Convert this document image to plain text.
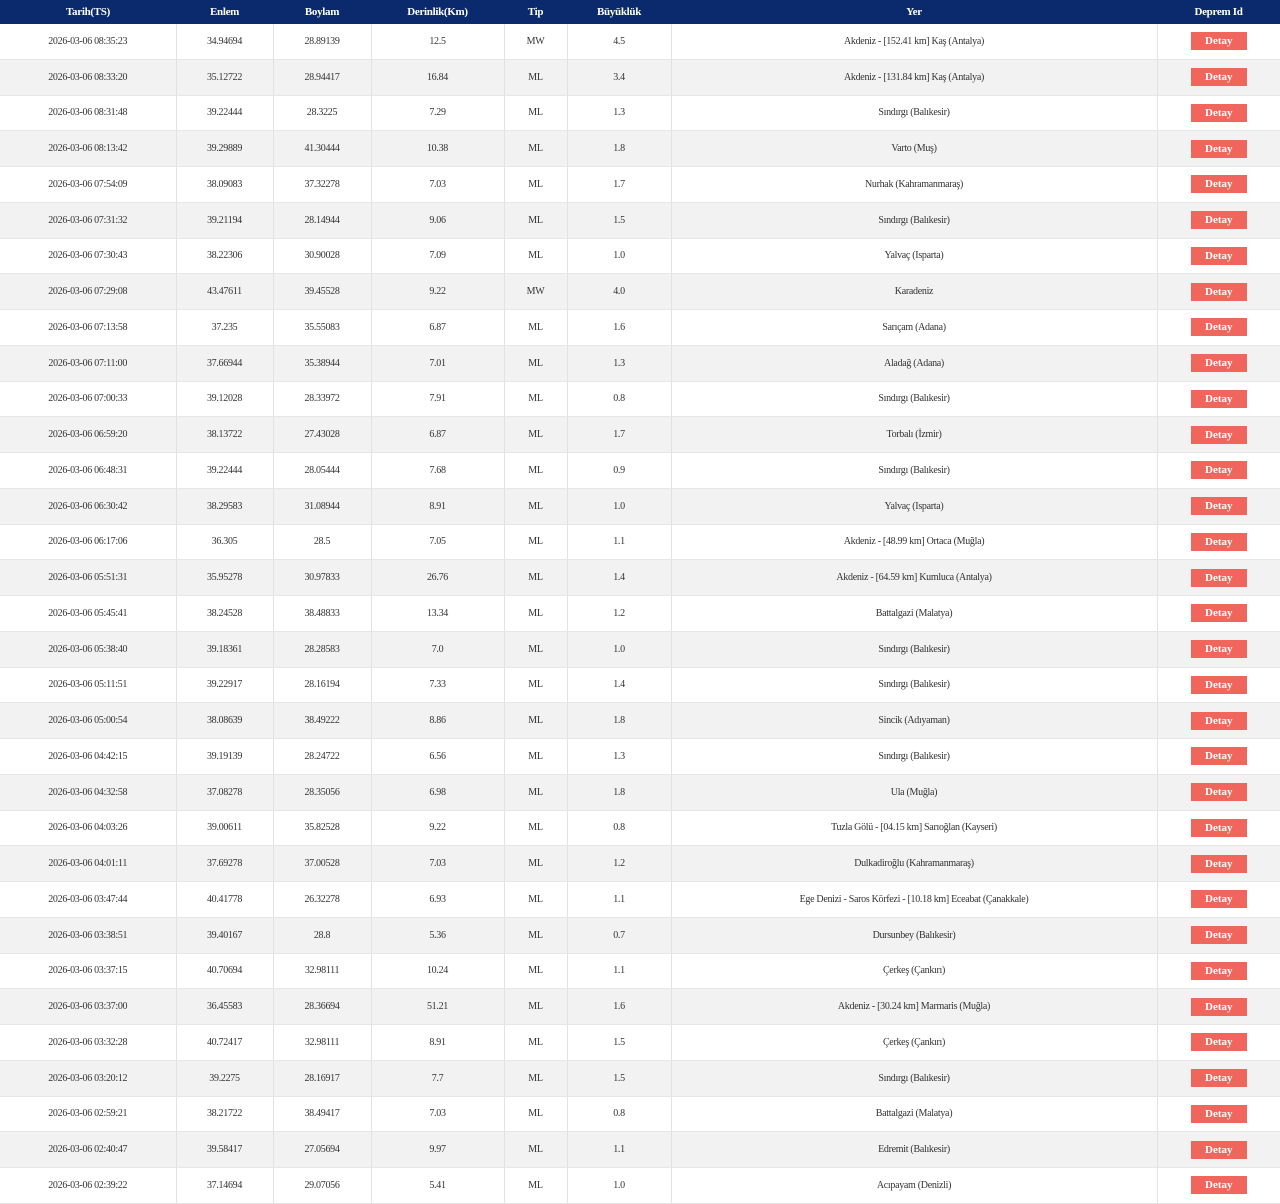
Tarih(TS)	Enlem	Boylam	Derinlik(Km)	Tip	Büyüklük	Yer	Deprem Id
2026-03-06 08:35:23	34.94694	28.89139	12.5	MW	4.5	Akdeniz - [152.41 km] Kaş (Antalya)	Detay
2026-03-06 08:33:20	35.12722	28.94417	16.84	ML	3.4	Akdeniz - [131.84 km] Kaş (Antalya)	Detay
2026-03-06 08:31:48	39.22444	28.3225	7.29	ML	1.3	Sındırgı (Balıkesir)	Detay
2026-03-06 08:13:42	39.29889	41.30444	10.38	ML	1.8	Varto (Muş)	Detay
2026-03-06 07:54:09	38.09083	37.32278	7.03	ML	1.7	Nurhak (Kahramanmaraş)	Detay
2026-03-06 07:31:32	39.21194	28.14944	9.06	ML	1.5	Sındırgı (Balıkesir)	Detay
2026-03-06 07:30:43	38.22306	30.90028	7.09	ML	1.0	Yalvaç (Isparta)	Detay
2026-03-06 07:29:08	43.47611	39.45528	9.22	MW	4.0	Karadeniz	Detay
2026-03-06 07:13:58	37.235	35.55083	6.87	ML	1.6	Sarıçam (Adana)	Detay
2026-03-06 07:11:00	37.66944	35.38944	7.01	ML	1.3	Aladağ (Adana)	Detay
2026-03-06 07:00:33	39.12028	28.33972	7.91	ML	0.8	Sındırgı (Balıkesir)	Detay
2026-03-06 06:59:20	38.13722	27.43028	6.87	ML	1.7	Torbalı (İzmir)	Detay
2026-03-06 06:48:31	39.22444	28.05444	7.68	ML	0.9	Sındırgı (Balıkesir)	Detay
2026-03-06 06:30:42	38.29583	31.08944	8.91	ML	1.0	Yalvaç (Isparta)	Detay
2026-03-06 06:17:06	36.305	28.5	7.05	ML	1.1	Akdeniz - [48.99 km] Ortaca (Muğla)	Detay
2026-03-06 05:51:31	35.95278	30.97833	26.76	ML	1.4	Akdeniz - [64.59 km] Kumluca (Antalya)	Detay
2026-03-06 05:45:41	38.24528	38.48833	13.34	ML	1.2	Battalgazi (Malatya)	Detay
2026-03-06 05:38:40	39.18361	28.28583	7.0	ML	1.0	Sındırgı (Balıkesir)	Detay
2026-03-06 05:11:51	39.22917	28.16194	7.33	ML	1.4	Sındırgı (Balıkesir)	Detay
2026-03-06 05:00:54	38.08639	38.49222	8.86	ML	1.8	Sincik (Adıyaman)	Detay
2026-03-06 04:42:15	39.19139	28.24722	6.56	ML	1.3	Sındırgı (Balıkesir)	Detay
2026-03-06 04:32:58	37.08278	28.35056	6.98	ML	1.8	Ula (Muğla)	Detay
2026-03-06 04:03:26	39.00611	35.82528	9.22	ML	0.8	Tuzla Gölü - [04.15 km] Sarıoğlan (Kayseri)	Detay
2026-03-06 04:01:11	37.69278	37.00528	7.03	ML	1.2	Dulkadiroğlu (Kahramanmaraş)	Detay
2026-03-06 03:47:44	40.41778	26.32278	6.93	ML	1.1	Ege Denizi - Saros Körfezi - [10.18 km] Eceabat (Çanakkale)	Detay
2026-03-06 03:38:51	39.40167	28.8	5.36	ML	0.7	Dursunbey (Balıkesir)	Detay
2026-03-06 03:37:15	40.70694	32.98111	10.24	ML	1.1	Çerkeş (Çankırı)	Detay
2026-03-06 03:37:00	36.45583	28.36694	51.21	ML	1.6	Akdeniz - [30.24 km] Marmaris (Muğla)	Detay
2026-03-06 03:32:28	40.72417	32.98111	8.91	ML	1.5	Çerkeş (Çankırı)	Detay
2026-03-06 03:20:12	39.2275	28.16917	7.7	ML	1.5	Sındırgı (Balıkesir)	Detay
2026-03-06 02:59:21	38.21722	38.49417	7.03	ML	0.8	Battalgazi (Malatya)	Detay
2026-03-06 02:40:47	39.58417	27.05694	9.97	ML	1.1	Edremit (Balıkesir)	Detay
2026-03-06 02:39:22	37.14694	29.07056	5.41	ML	1.0	Acıpayam (Denizli)	Detay
